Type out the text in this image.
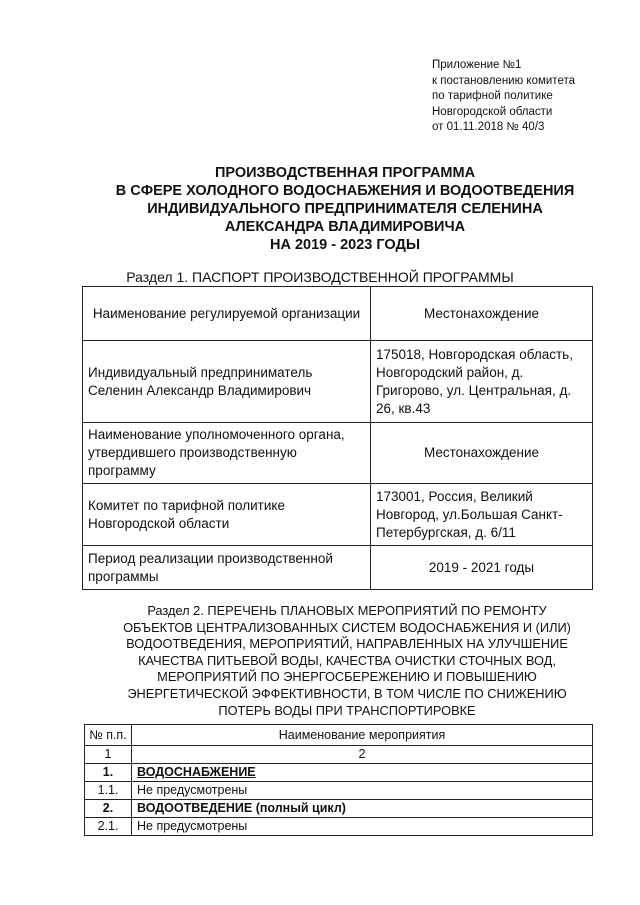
Приложение №1
к постановлению комитета
по тарифной политике
Новгородской области
от 01.11.2018 № 40/3
ПРОИЗВОДСТВЕННАЯ ПРОГРАММА
В СФЕРЕ ХОЛОДНОГО ВОДОСНАБЖЕНИЯ И ВОДООТВЕДЕНИЯ
ИНДИВИДУАЛЬНОГО ПРЕДПРИНИМАТЕЛЯ СЕЛЕНИНА
АЛЕКСАНДРА ВЛАДИМИРОВИЧА
НА 2019 - 2023 ГОДЫ
Раздел 1. ПАСПОРТ ПРОИЗВОДСТВЕННОЙ ПРОГРАММЫ
Наименование регулируемой организации	Местонахождение
Индивидуальный предприниматель Селенин Александр Владимирович	175018, Новгородская область, Новгородский район, д. Григорово, ул. Центральная, д. 26, кв.43
Наименование уполномоченного органа, утвердившего производственную программу	Местонахождение
Комитет по тарифной политике Новгородской области	173001, Россия, Великий Новгород, ул.Большая Санкт-Петербургская, д. 6/11
Период реализации производственной программы	2019 - 2021 годы
Раздел 2. ПЕРЕЧЕНЬ ПЛАНОВЫХ МЕРОПРИЯТИЙ ПО РЕМОНТУ
ОБЪЕКТОВ ЦЕНТРАЛИЗОВАННЫХ СИСТЕМ ВОДОСНАБЖЕНИЯ И (ИЛИ)
ВОДООТВЕДЕНИЯ, МЕРОПРИЯТИЙ, НАПРАВЛЕННЫХ НА УЛУЧШЕНИЕ
КАЧЕСТВА ПИТЬЕВОЙ ВОДЫ, КАЧЕСТВА ОЧИСТКИ СТОЧНЫХ ВОД,
МЕРОПРИЯТИЙ ПО ЭНЕРГОСБЕРЕЖЕНИЮ И ПОВЫШЕНИЮ
ЭНЕРГЕТИЧЕСКОЙ ЭФФЕКТИВНОСТИ, В ТОМ ЧИСЛЕ ПО СНИЖЕНИЮ
ПОТЕРЬ ВОДЫ ПРИ ТРАНСПОРТИРОВКЕ
№ п.п.	Наименование мероприятия
1	2
1.	ВОДОСНАБЖЕНИЕ
1.1.	Не предусмотрены
2.	ВОДООТВЕДЕНИЕ (полный цикл)
2.1.	Не предусмотрены
